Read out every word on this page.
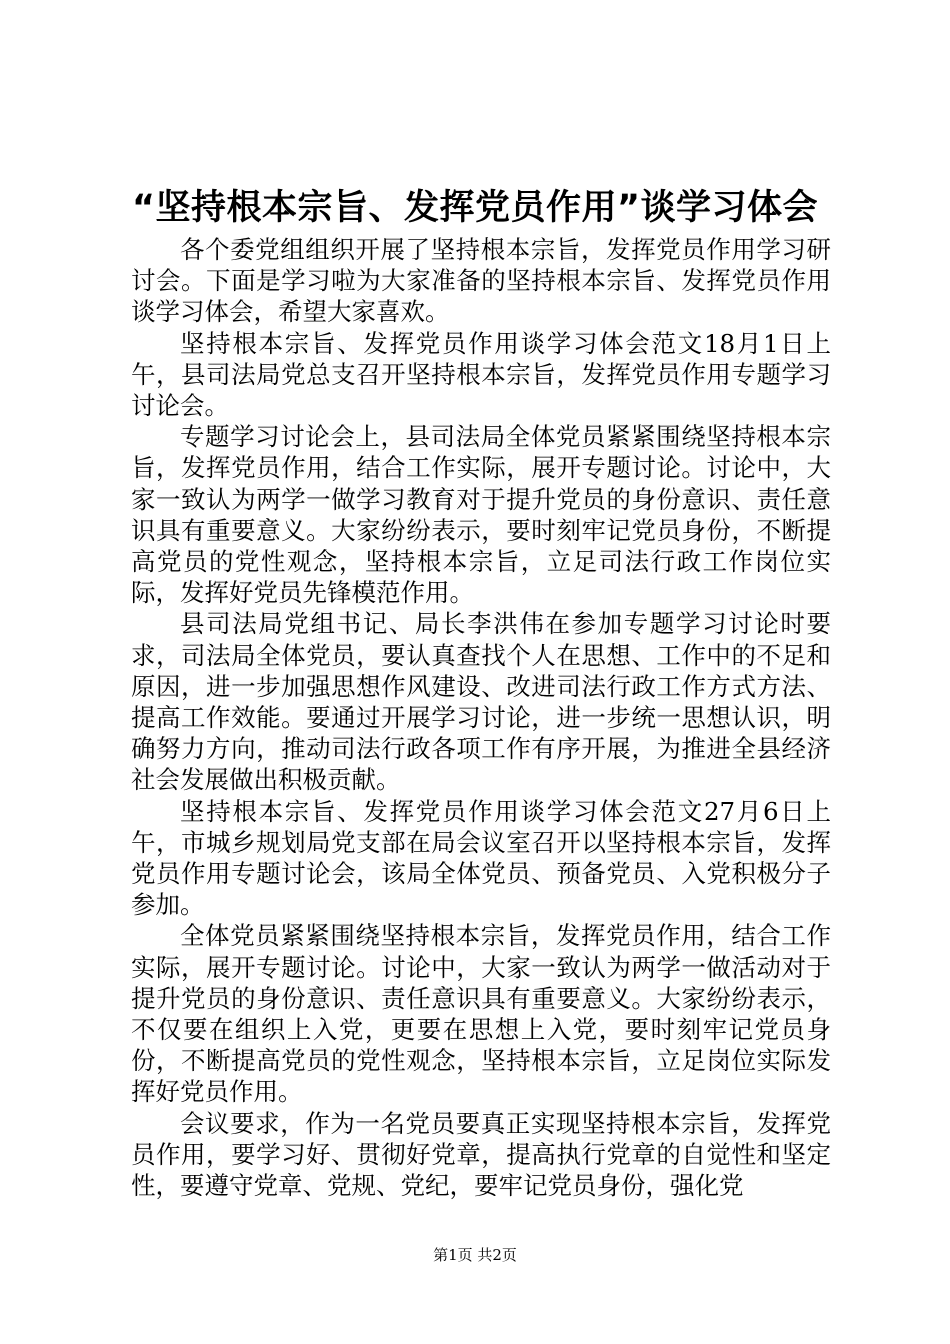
“坚持根本宗旨、发挥党员作用”谈学习体会

各个委党组组织开展了坚持根本宗旨，发挥党员作用学习研讨会。下面是学习啦为大家准备的坚持根本宗旨、发挥党员作用谈学习体会，希望大家喜欢。

坚持根本宗旨、发挥党员作用谈学习体会范文18月1日上午，县司法局党总支召开坚持根本宗旨，发挥党员作用专题学习讨论会。

专题学习讨论会上，县司法局全体党员紧紧围绕坚持根本宗旨，发挥党员作用，结合工作实际，展开专题讨论。讨论中，大家一致认为两学一做学习教育对于提升党员的身份意识、责任意识具有重要意义。大家纷纷表示，要时刻牢记党员身份，不断提高党员的党性观念，坚持根本宗旨，立足司法行政工作岗位实际，发挥好党员先锋模范作用。

县司法局党组书记、局长李洪伟在参加专题学习讨论时要求，司法局全体党员，要认真查找个人在思想、工作中的不足和原因，进一步加强思想作风建设、改进司法行政工作方式方法、提高工作效能。要通过开展学习讨论，进一步统一思想认识，明确努力方向，推动司法行政各项工作有序开展，为推进全县经济社会发展做出积极贡献。

坚持根本宗旨、发挥党员作用谈学习体会范文27月6日上午，市城乡规划局党支部在局会议室召开以坚持根本宗旨，发挥党员作用专题讨论会，该局全体党员、预备党员、入党积极分子参加。

全体党员紧紧围绕坚持根本宗旨，发挥党员作用，结合工作实际，展开专题讨论。讨论中，大家一致认为两学一做活动对于提升党员的身份意识、责任意识具有重要意义。大家纷纷表示，不仅要在组织上入党，更要在思想上入党，要时刻牢记党员身份，不断提高党员的党性观念，坚持根本宗旨，立足岗位实际发挥好党员作用。

会议要求，作为一名党员要真正实现坚持根本宗旨，发挥党员作用，要学习好、贯彻好党章，提高执行党章的自觉性和坚定性，要遵守党章、党规、党纪，要牢记党员身份，强化党

第1页 共2页
